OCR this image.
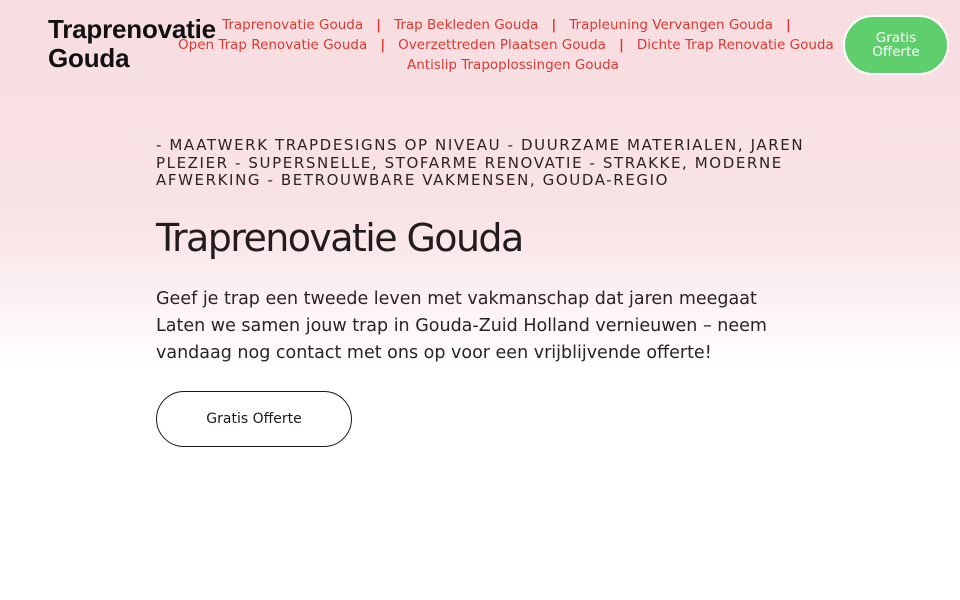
Traprenovatie Gouda
Traprenovatie Gouda | Trap Bekleden Gouda | Trapleuning Vervangen Gouda |
Open Trap Renovatie Gouda | Overzettreden Plaatsen Gouda | Dichte Trap Renovatie Gouda
Antislip Trapoplossingen Gouda
Gratis
Offerte
- MAATWERK TRAPDESIGNS OP NIVEAU - DUURZAME MATERIALEN, JAREN PLEZIER - SUPERSNELLE, STOFARME RENOVATIE - STRAKKE, MODERNE AFWERKING - BETROUWBARE VAKMENSEN, GOUDA-REGIO
Traprenovatie Gouda

Geef je trap een tweede leven met vakmanschap dat jaren meegaat Laten we samen jouw trap in Gouda-Zuid Holland vernieuwen – neem vandaag nog contact met ons op voor een vrijblijvende offerte!

Gratis Offerte
